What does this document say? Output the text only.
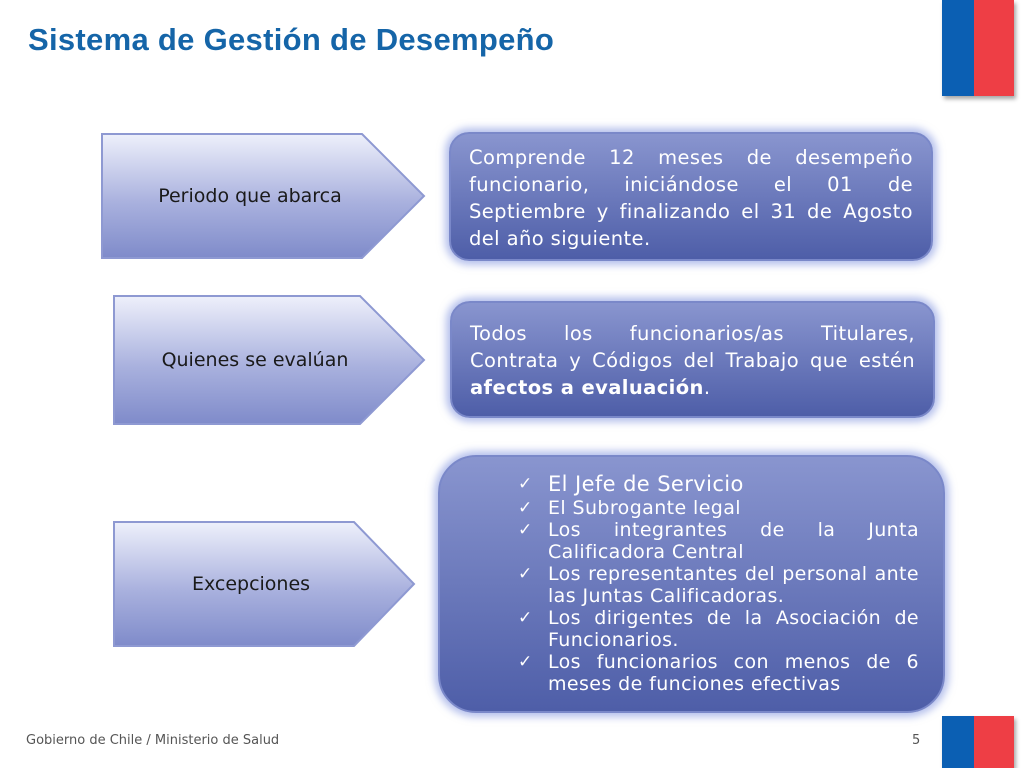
Sistema de Gestión de Desempeño
Periodo que abarca
Comprende 12 meses de desempeño funcionario, iniciándose el 01 de Septiembre y finalizando el 31 de Agosto del año siguiente.
Quienes se evalúan
Todos los funcionarios/as Titulares, Contrata y Códigos del Trabajo que estén afectos a evaluación.
Excepciones
✓ El Jefe de Servicio
✓ El Subrogante legal
✓ Los integrantes de la Junta Calificadora Central
✓ Los representantes del personal ante las Juntas Calificadoras.
✓ Los dirigentes de la Asociación de Funcionarios.
✓ Los funcionarios con menos de 6 meses de funciones efectivas
Gobierno de Chile / Ministerio de Salud	5
